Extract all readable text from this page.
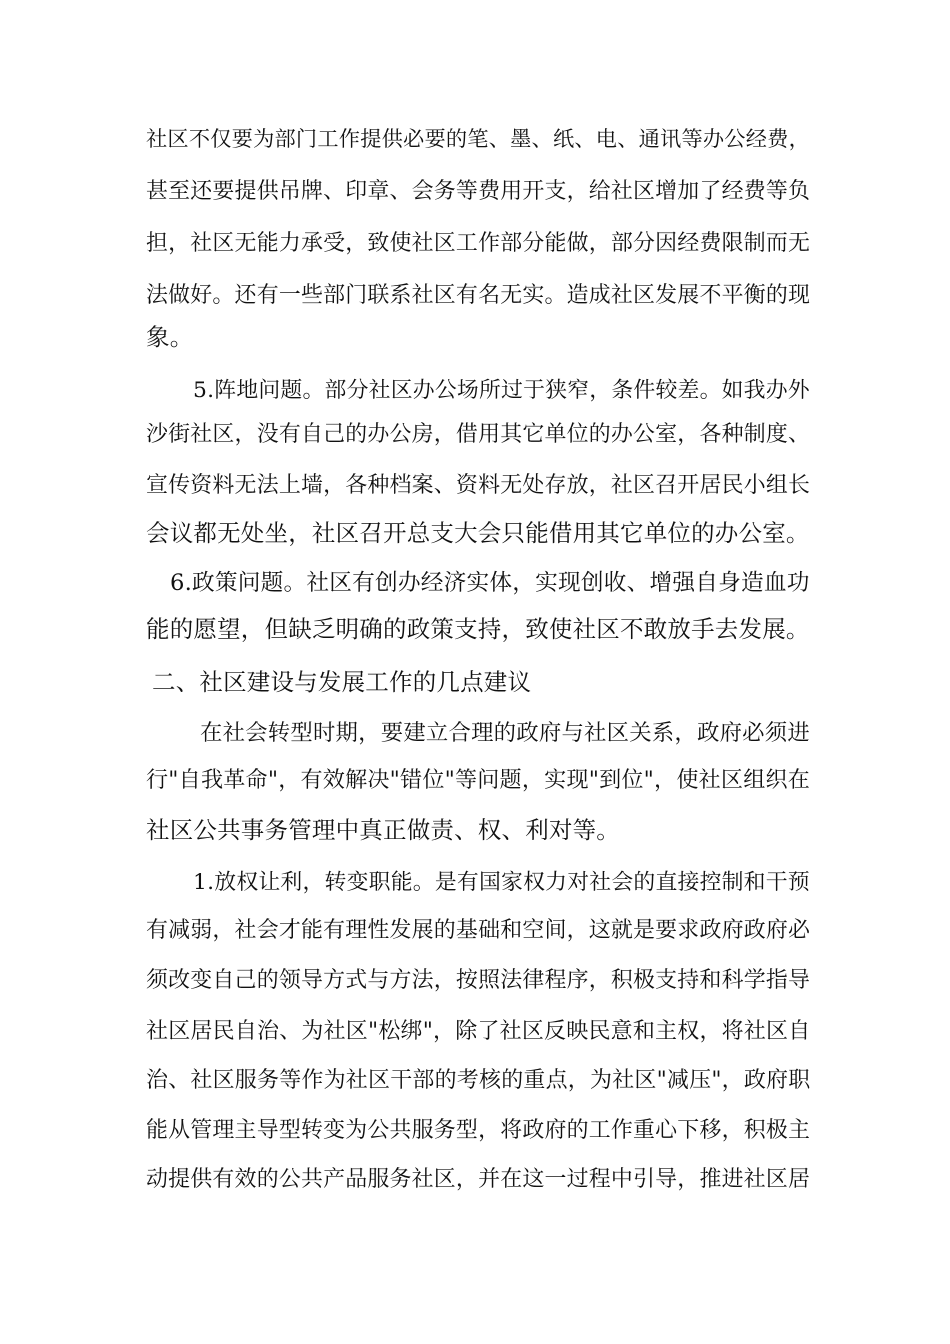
社区不仅要为部门工作提供必要的笔、墨、纸、电、通讯等办公经费，
甚至还要提供吊牌、印章、会务等费用开支，给社区增加了经费等负
担，社区无能力承受，致使社区工作部分能做，部分因经费限制而无
法做好。还有一些部门联系社区有名无实。造成社区发展不平衡的现
象。
5.阵地问题。部分社区办公场所过于狭窄，条件较差。如我办外
沙街社区，没有自己的办公房，借用其它单位的办公室，各种制度、
宣传资料无法上墙，各种档案、资料无处存放，社区召开居民小组长
会议都无处坐，社区召开总支大会只能借用其它单位的办公室。
6.政策问题。社区有创办经济实体，实现创收、增强自身造血功
能的愿望，但缺乏明确的政策支持，致使社区不敢放手去发展。
二、社区建设与发展工作的几点建议
在社会转型时期，要建立合理的政府与社区关系，政府必须进
行"自我革命"，有效解决"错位"等问题，实现"到位"，使社区组织在
社区公共事务管理中真正做责、权、利对等。
1.放权让利，转变职能。是有国家权力对社会的直接控制和干预
有减弱，社会才能有理性发展的基础和空间，这就是要求政府政府必
须改变自己的领导方式与方法，按照法律程序，积极支持和科学指导
社区居民自治、为社区"松绑"，除了社区反映民意和主权，将社区自
治、社区服务等作为社区干部的考核的重点，为社区"减压"，政府职
能从管理主导型转变为公共服务型，将政府的工作重心下移，积极主
动提供有效的公共产品服务社区，并在这一过程中引导，推进社区居
